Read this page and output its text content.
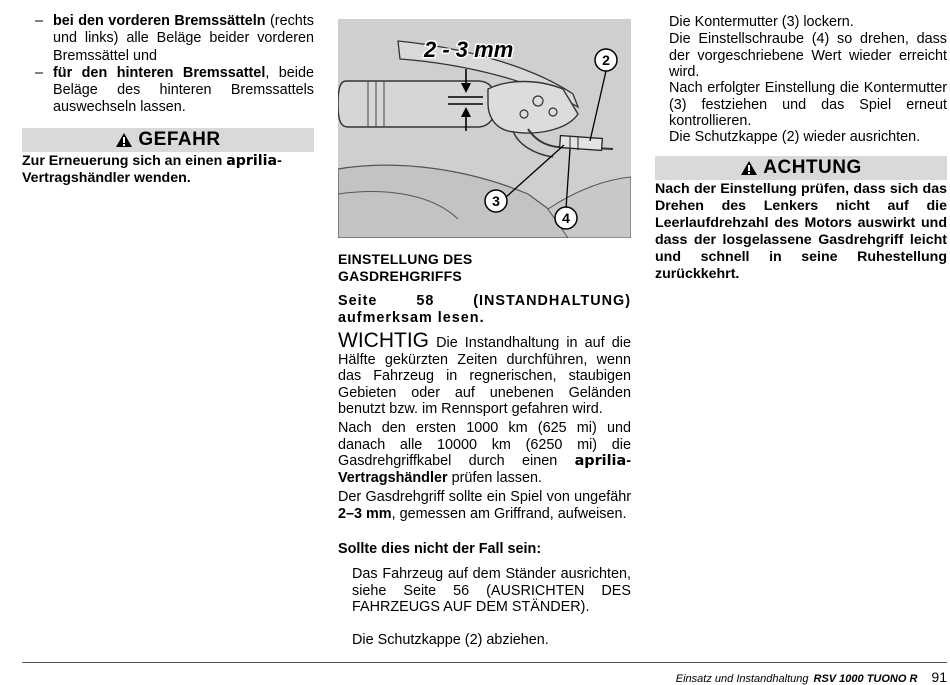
– bei den vorderen Bremssätteln (rechts und links) alle Beläge beider vorderen Bremssättel und

– für den hinteren Bremssattel, beide Beläge des hinteren Bremssattels auswechseln lassen.

GEFAHR

Zur Erneuerung sich an einen aprilia-Vertragshändler wenden.

2
3
4
2 - 3 mm
EINSTELLUNG DES
GASDREHGRIFFS

Seite 58 (INSTANDHALTUNG) aufmerksam lesen.

WICHTIG Die Instandhaltung in auf die Hälfte gekürzten Zeiten durchführen, wenn das Fahrzeug in regnerischen, staubigen Gebieten oder auf unebenen Geländen benutzt bzw. im Rennsport gefahren wird.

Nach den ersten 1000 km (625 mi) und danach alle 10000 km (6250 mi) die Gasdrehgriffkabel durch einen aprilia-Vertragshändler prüfen lassen.

Der Gasdrehgriff sollte ein Spiel von ungefähr 2–3 mm, gemessen am Griffrand, aufweisen.

Sollte dies nicht der Fall sein:

Das Fahrzeug auf dem Ständer ausrichten, siehe Seite 56 (AUSRICHTEN DES FAHRZEUGS AUF DEM STÄNDER).

Die Schutzkappe (2) abziehen.

Die Kontermutter (3) lockern.

Die Einstellschraube (4) so drehen, dass der vorgeschriebene Wert wieder erreicht wird.

Nach erfolgter Einstellung die Kontermutter (3) festziehen und das Spiel erneut kontrollieren.

Die Schutzkappe (2) wieder ausrichten.

ACHTUNG

Nach der Einstellung prüfen, dass sich das Drehen des Lenkers nicht auf die Leerlaufdrehzahl des Motors auswirkt und dass der losgelassene Gasdrehgriff leicht und schnell in seine Ruhestellung zurückkehrt.

Einsatz und Instandhaltung RSV 1000 TUONO R 91
